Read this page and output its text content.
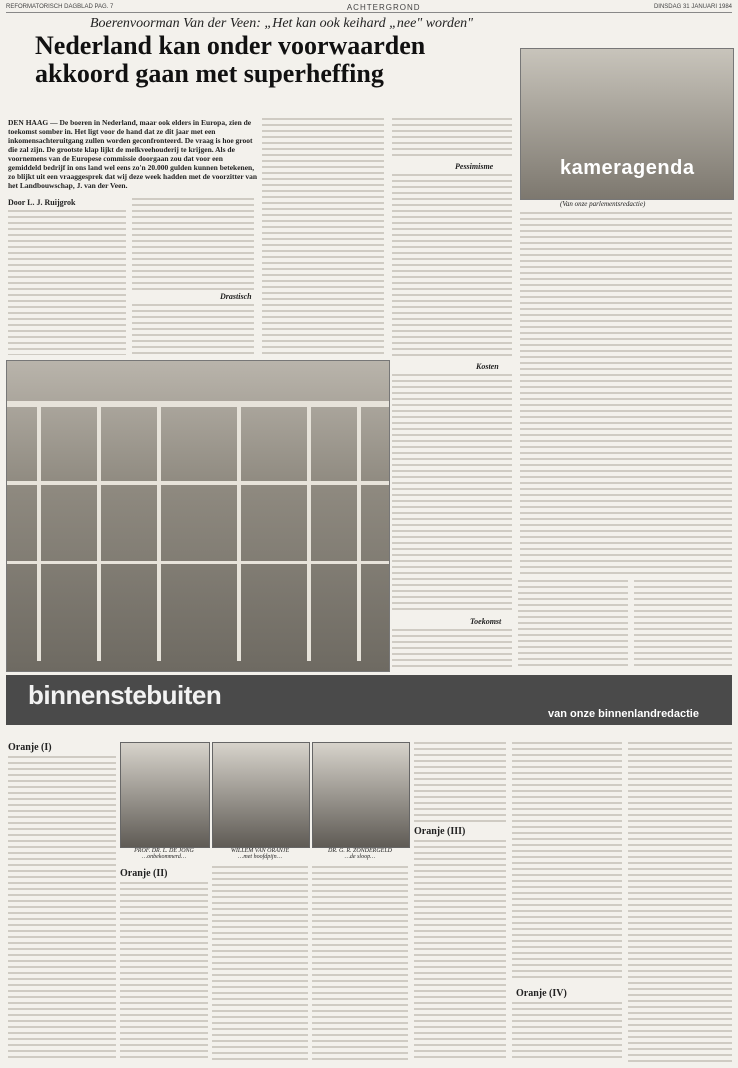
REFORMATORISCH DAGBLAD PAG. 7	ACHTERGROND	DINSDAG 31 JANUARI 1984
Boerenvoorman Van der Veen: „Het kan ook keihard „nee" worden"
Nederland kan onder voorwaarden akkoord gaan met superheffing
DEN HAAG — De boeren in Nederland, maar ook elders in Europa, zien de toekomst somber in. Het ligt voor de hand dat ze dit jaar met een inkomensachteruitgang zullen worden geconfronteerd. De vraag is hoe groot die zal zijn. De grootste klap lijkt de melkveehouderij te krijgen. Als de voornemens van de Europese commissie doorgaan zou dat voor een gemiddeld bedrijf in ons land wel eens zo'n 20.000 gulden kunnen betekenen, zo blijkt uit een vraaggesprek dat wij deze week hadden met de voorzitter van het Landbouwschap, J. van der Veen.
Door L. J. Ruijgrok
Drastisch
Pessimisme
Kosten
Toekomst
kameragenda
(Van onze parlementsredactie)
binnenstebuiten
van onze binnenlandredactie
Oranje (I)
PROF. DR. L. DE JONG
…onbekommerd…
WILLEM VAN ORANJE
…met hoofdpijn…
DR. G. R. ZONDERGELD
…de sloop…
Oranje (II)
Oranje (III)
Oranje (IV)
